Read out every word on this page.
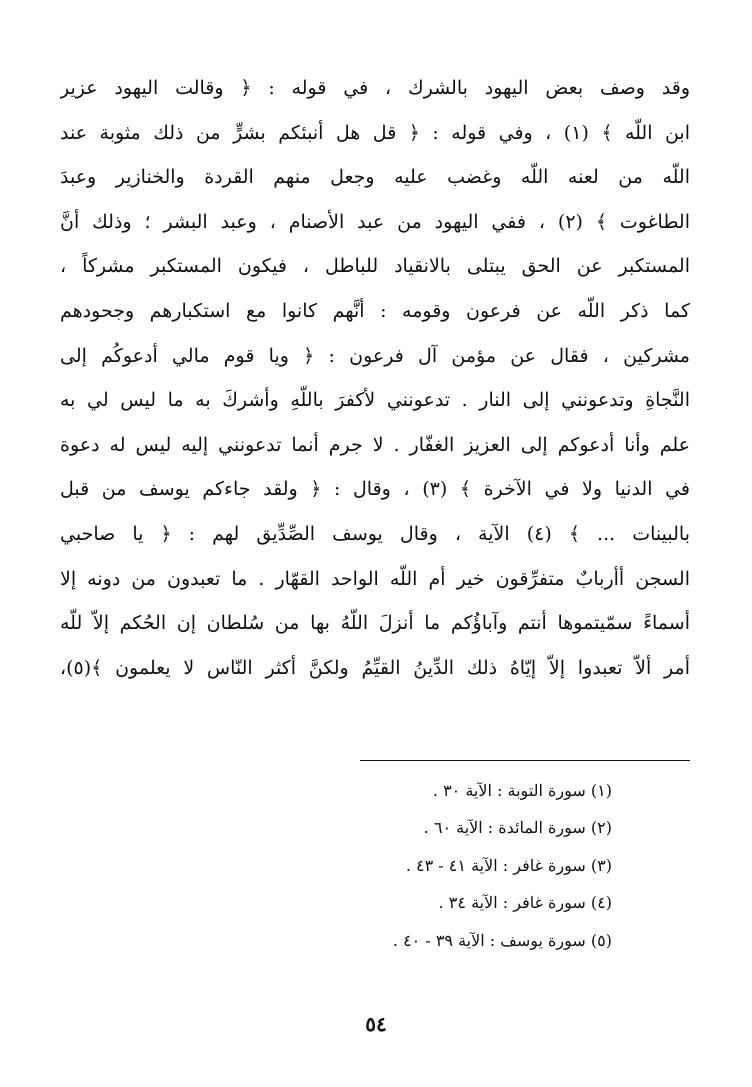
وقد وصف بعض اليهود بالشرك ، في قوله : ﴿ وقالت اليهود عزير
ابن اللّه ﴾ (١) ، وفي قوله : ﴿ قل هل أنبئكم بشرٍّ من ذلك مثوبة عند
اللّه من لعنه اللّه وغضب عليه وجعل منهم القردة والخنازير وعبدَ
الطاغوت ﴾ (٢) ، ففي اليهود من عبد الأصنام ، وعبد البشر ؛ وذلك أنَّ
المستكبر عن الحق يبتلى بالانقياد للباطل ، فيكون المستكبر مشركاً ،
كما ذكر اللّه عن فرعون وقومه : أنَّهم كانوا مع استكبارهم وجحودهم
مشركين ، فقال عن مؤمن آل فرعون : ﴿ ويا قوم مالي أدعوكُم إلى
النَّجاةِ وتدعونني إلى النار . تدعونني لأكفرَ باللّهِ وأشركَ به ما ليس لي به
علم وأنا أدعوكم إلى العزيز الغفّار . لا جرم أنما تدعونني إليه ليس له دعوة
في الدنيا ولا في الآخرة ﴾ (٣) ، وقال : ﴿ ولقد جاءكم يوسف من قبل
بالبينات ... ﴾ (٤) الآية ، وقال يوسف الصِّدِّيق لهم : ﴿ يا صاحبي
السجن أأربابٌ متفرِّقون خير أم اللّه الواحد القهّار . ما تعبدون من دونه إلا
أسماءً سمّيتموها أنتم وآباؤُكم ما أنزلَ اللّهُ بها من سُلطان إن الحُكم إلاّ للّه
أمر ألاّ تعبدوا إلاّ إيّاهُ ذلك الدِّينُ القيِّمُ ولكنَّ أكثر النّاس لا يعلمون ﴾(٥)،
(١) سورة التوبة : الآية ٣٠ .
(٢) سورة المائدة : الآية ٦٠ .
(٣) سورة غافر : الآية ٤١ - ٤٣ .
(٤) سورة غافر : الآية ٣٤ .
(٥) سورة يوسف : الآية ٣٩ - ٤٠ .
٥٤
